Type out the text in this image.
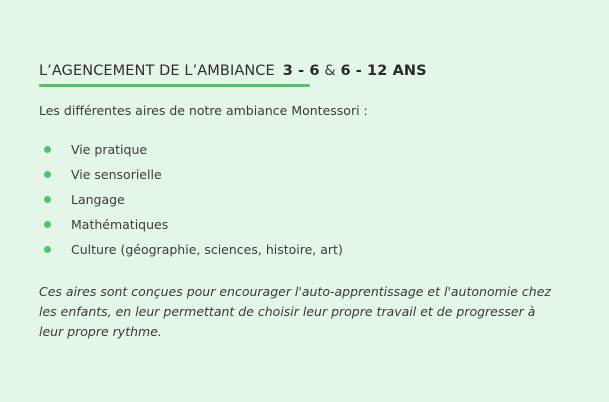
L’AGENCEMENT DE L’AMBIANCE 3 - 6 & 6 - 12 ANS
Les différentes aires de notre ambiance Montessori :
Vie pratique
Vie sensorielle
Langage
Mathématiques
Culture (géographie, sciences, histoire, art)
Ces aires sont conçues pour encourager l'auto-apprentissage et l'autonomie chez les enfants, en leur permettant de choisir leur propre travail et de progresser à leur propre rythme.
